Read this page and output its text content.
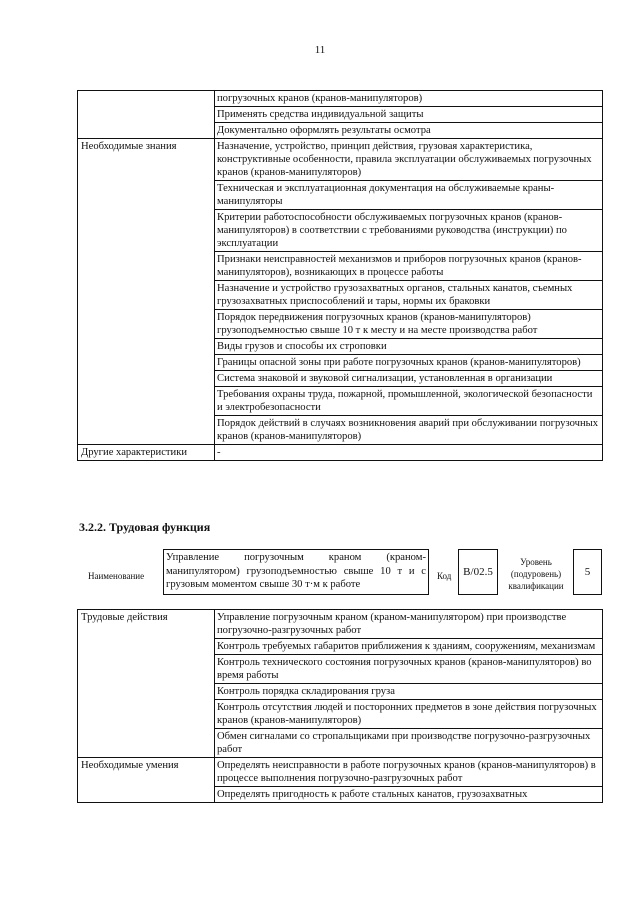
11
	погрузочных кранов (кранов-манипуляторов)
	Применять средства индивидуальной защиты
	Документально оформлять результаты осмотра
Необходимые знания	Назначение, устройство, принцип действия, грузовая характеристика, конструктивные особенности, правила эксплуатации обслуживаемых погрузочных кранов (кранов-манипуляторов)
	Техническая и эксплуатационная документация на обслуживаемые краны-манипуляторы
	Критерии работоспособности обслуживаемых погрузочных кранов (кранов-манипуляторов) в соответствии с требованиями руководства (инструкции) по эксплуатации
	Признаки неисправностей механизмов и приборов погрузочных кранов (кранов-манипуляторов), возникающих в процессе работы
	Назначение и устройство грузозахватных органов, стальных канатов, съемных грузозахватных приспособлений и тары, нормы их браковки
	Порядок передвижения погрузочных кранов (кранов-манипуляторов) грузоподъемностью свыше 10 т к месту и на месте производства работ
	Виды грузов и способы их строповки
	Границы опасной зоны при работе погрузочных кранов (кранов-манипуляторов)
	Система знаковой и звуковой сигнализации, установленная в организации
	Требования охраны труда, пожарной, промышленной, экологической безопасности и электробезопасности
	Порядок действий в случаях возникновения аварий при обслуживании погрузочных кранов (кранов-манипуляторов)
Другие характеристики	-
3.2.2. Трудовая функция
Наименование
Управление погрузочным краном (краном-манипулятором) грузоподъемностью свыше 10 т и с грузовым моментом свыше 30 т·м к работе
Код	B/02.5
Уровень (подуровень) квалификации
5
Трудовые действия	Управление погрузочным краном (краном-манипулятором) при производстве погрузочно-разгрузочных работ
	Контроль требуемых габаритов приближения к зданиям, сооружениям, механизмам
	Контроль технического состояния погрузочных кранов (кранов-манипуляторов) во время работы
	Контроль порядка складирования груза
	Контроль отсутствия людей и посторонних предметов в зоне действия погрузочных кранов (кранов-манипуляторов)
	Обмен сигналами со стропальщиками при производстве погрузочно-разгрузочных работ
Необходимые умения	Определять неисправности в работе погрузочных кранов (кранов-манипуляторов) в процессе выполнения погрузочно-разгрузочных работ
	Определять пригодность к работе стальных канатов, грузозахватных
